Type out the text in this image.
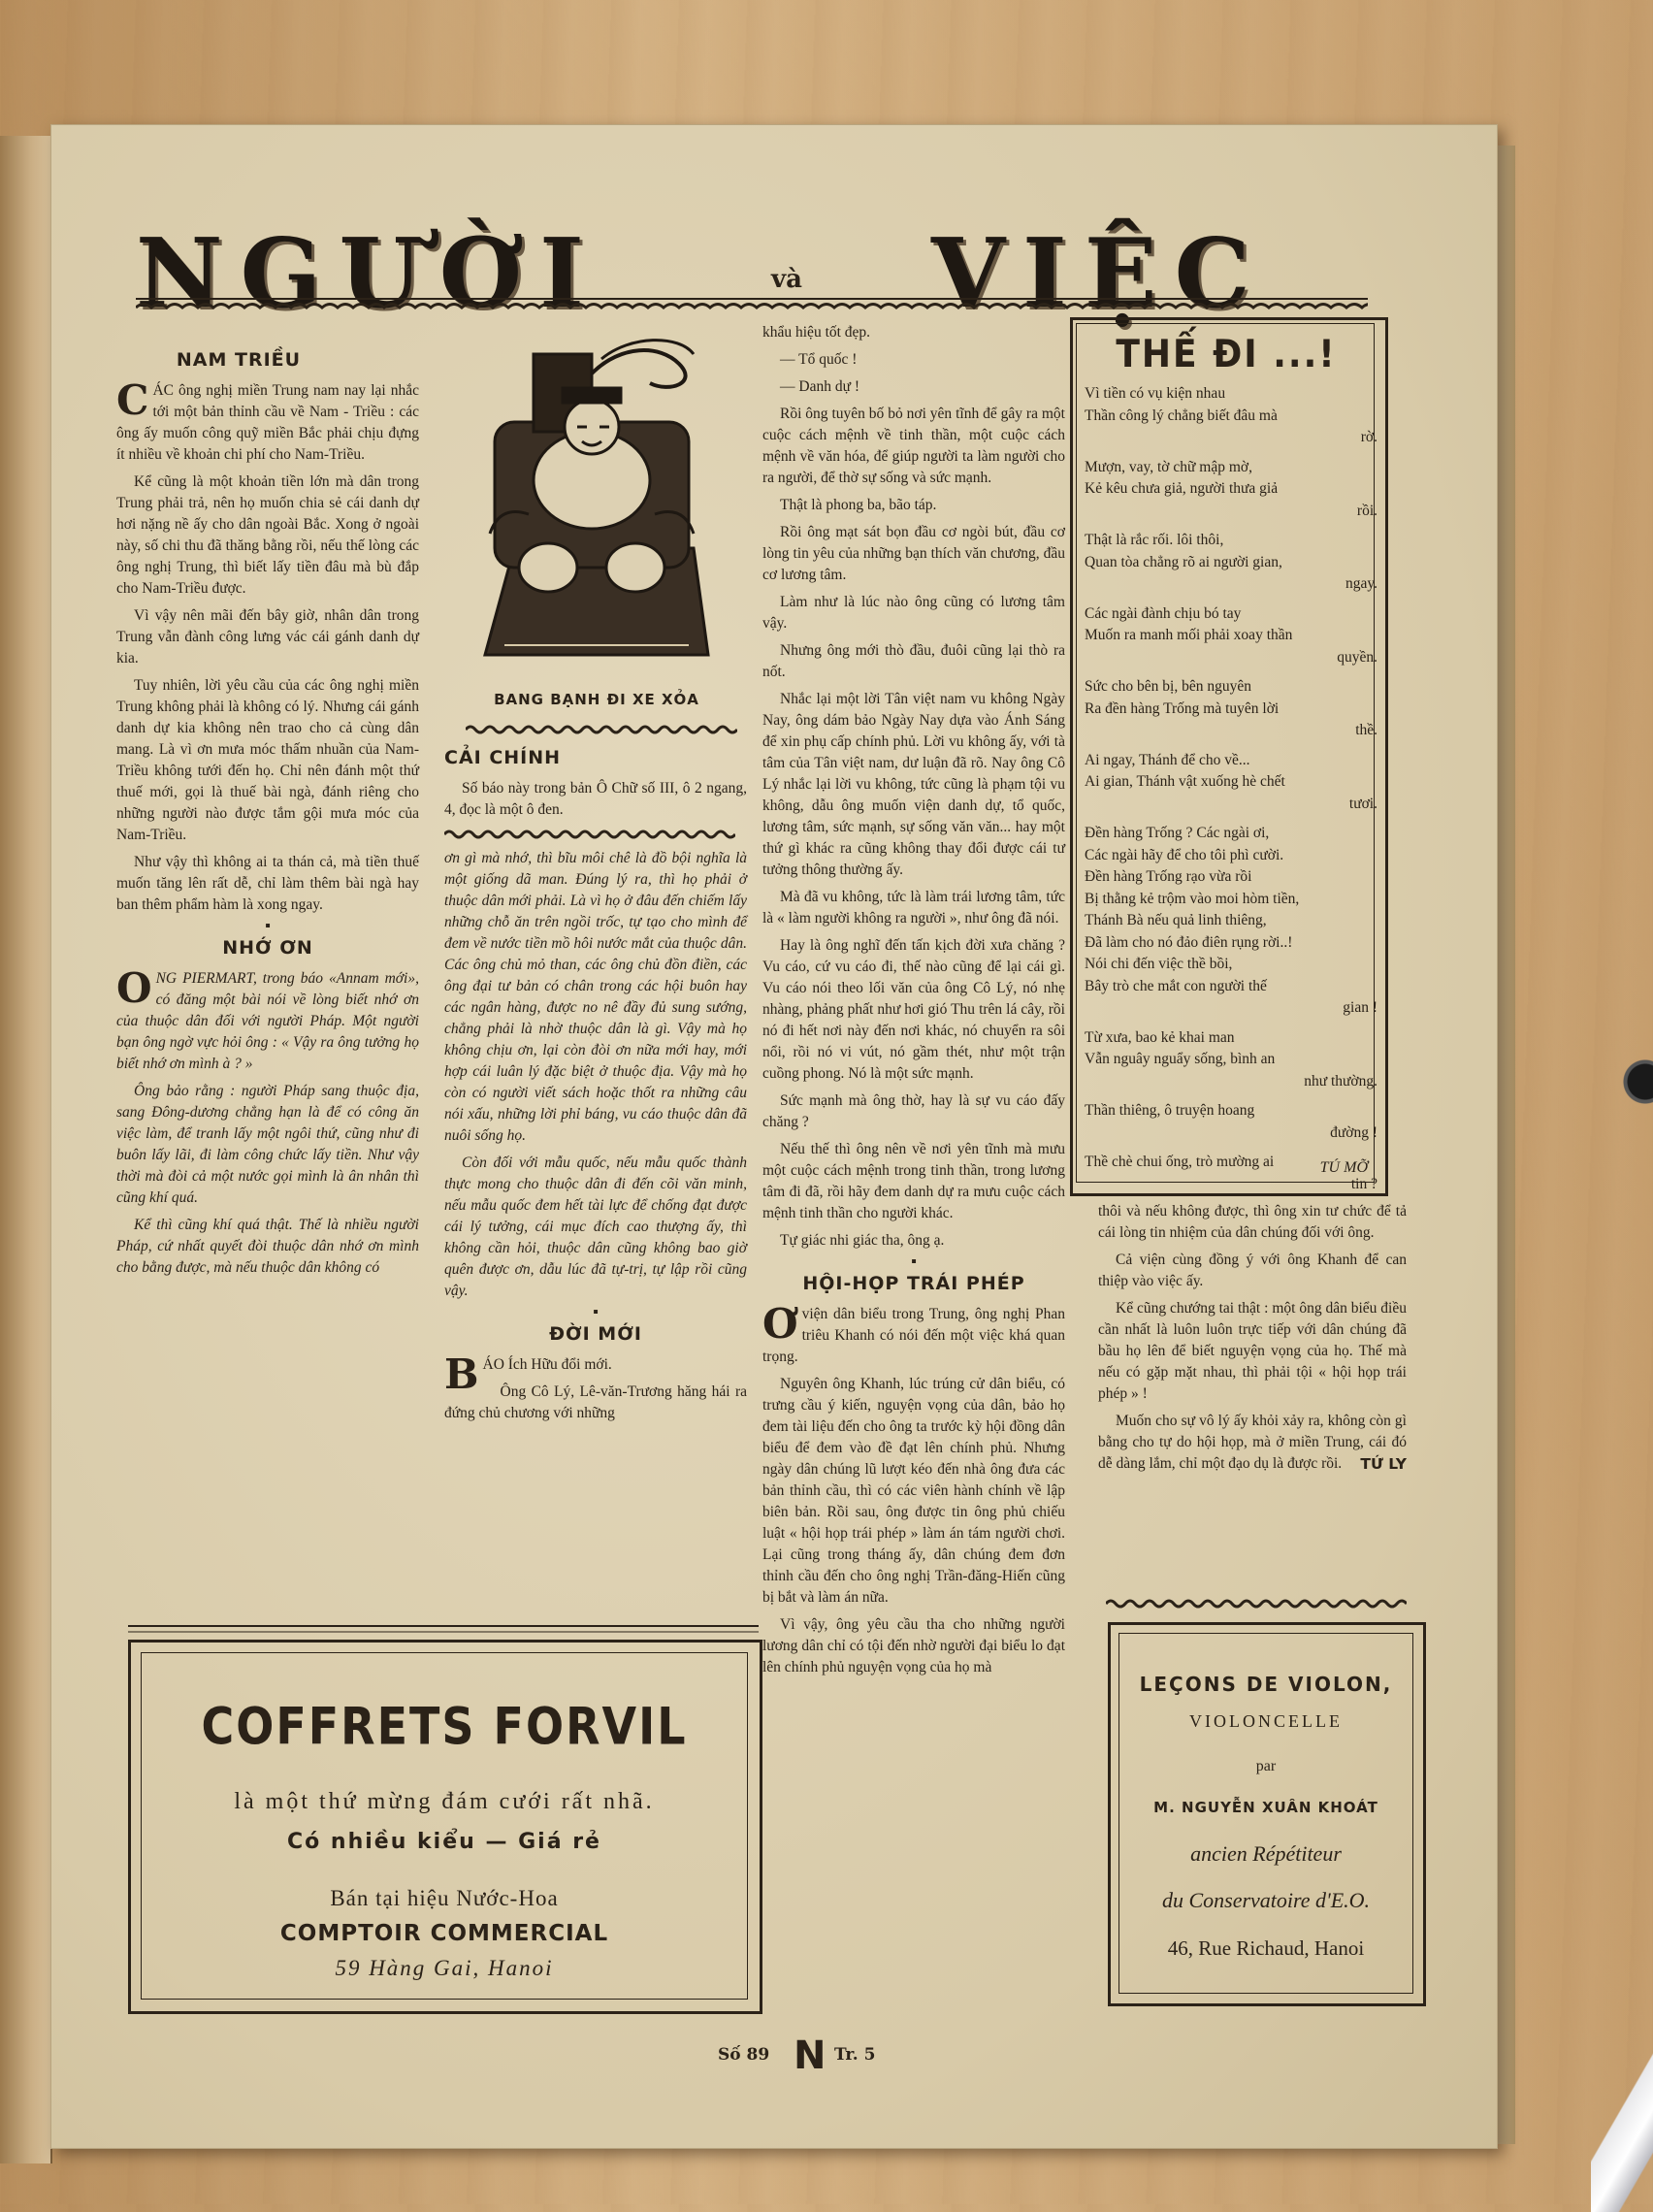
NGƯỜI	và VIỆC
NAM TRIỀU

CÁC ông nghị miền Trung nam nay lại nhắc tới một bản thỉnh cầu về Nam - Triều : các ông ấy muốn công quỹ miền Bắc phải chịu đựng ít nhiều về khoản chi phí cho Nam-Triều.

Kể cũng là một khoản tiền lớn mà dân trong Trung phải trả, nên họ muốn chia sẻ cái danh dự hơi nặng nề ấy cho dân ngoài Bắc. Xong ở ngoài này, số chi thu đã thăng bằng rồi, nếu thế lòng các ông nghị Trung, thì biết lấy tiền đâu mà bù đắp cho Nam-Triều được.

Vì vậy nên mãi đến bây giờ, nhân dân trong Trung vẫn đành công lưng vác cái gánh danh dự kia.

Tuy nhiên, lời yêu cầu của các ông nghị miền Trung không phải là không có lý. Nhưng cái gánh danh dự kia không nên trao cho cả cùng dân mang. Là vì ơn mưa móc thấm nhuần của Nam-Triều không tưới đến họ. Chỉ nên đánh một thứ thuế mới, gọi là thuế bài ngà, đánh riêng cho những người nào được tắm gội mưa móc của Nam-Triều.

Như vậy thì không ai ta thán cả, mà tiền thuế muốn tăng lên rất dễ, chỉ làm thêm bài ngà hay ban thêm phẩm hàm là xong ngay.

▪
NHỚ ƠN

ONG PIERMART, trong báo «Annam mới», có đăng một bài nói về lòng biết nhớ ơn của thuộc dân đối với người Pháp. Một người bạn ông ngờ vực hỏi ông : « Vậy ra ông tưởng họ biết nhớ ơn mình à ? »

Ông bảo rằng : người Pháp sang thuộc địa, sang Đông-dương chẳng hạn là để có công ăn việc làm, để tranh lấy một ngôi thứ, cũng như đi buôn lấy lãi, đi làm công chức lấy tiền. Như vậy thời mà đòi cả một nước gọi mình là ân nhân thì cũng khí quá.

Kể thì cũng khí quá thật. Thế là nhiều người Pháp, cứ nhất quyết đòi thuộc dân nhớ ơn mình cho bằng được, mà nếu thuộc dân không có

BANG BẠNH ĐI XE XỎA
CẢI CHÍNH

Số báo này trong bản Ô Chữ số III, ô 2 ngang, 4, đọc là một ô đen.

ơn gì mà nhớ, thì bĩu môi chê là đồ bội nghĩa là một giống dã man. Đúng lý ra, thì họ phải ở thuộc dân mới phải. Là vì họ ở đâu đến chiếm lấy những chỗ ăn trên ngồi trốc, tự tạo cho mình để đem về nước tiền mồ hôi nước mắt của thuộc dân. Các ông chủ mỏ than, các ông chủ đồn điền, các ông đại tư bản có chân trong các hội buôn hay các ngân hàng, được no nê đầy đủ sung sướng, chẳng phải là nhờ thuộc dân là gì. Vậy mà họ không chịu ơn, lại còn đòi ơn nữa mới hay, mới hợp cái luân lý đặc biệt ở thuộc địa. Vậy mà họ còn có người viết sách hoặc thốt ra những câu nói xấu, những lời phỉ báng, vu cáo thuộc dân đã nuôi sống họ.

Còn đối với mẫu quốc, nếu mẫu quốc thành thực mong cho thuộc dân đi đến cõi văn minh, nếu mẫu quốc đem hết tài lực để chống đạt được cái lý tưởng, cái mục đích cao thượng ấy, thì không cần hỏi, thuộc dân cũng không bao giờ quên được ơn, dẫu lúc đã tự-trị, tự lập rồi cũng vậy.

▪
ĐỜI MỚI

BÁO Ích Hữu đổi mới.

Ông Cô Lý, Lê-văn-Trương hăng hái ra đứng chủ chương với những

khẩu hiệu tốt đẹp.

— Tổ quốc !

— Danh dự !

Rồi ông tuyên bố bỏ nơi yên tĩnh để gây ra một cuộc cách mệnh về tinh thần, một cuộc cách mệnh về văn hóa, để giúp người ta làm người cho ra người, để thờ sự sống và sức mạnh.

Thật là phong ba, bão táp.

Rồi ông mạt sát bọn đầu cơ ngòi bút, đầu cơ lòng tin yêu của những bạn thích văn chương, đầu cơ lương tâm.

Làm như là lúc nào ông cũng có lương tâm vậy.

Nhưng ông mới thò đầu, đuôi cũng lại thò ra nốt.

Nhắc lại một lời Tân việt nam vu không Ngày Nay, ông dám bảo Ngày Nay dựa vào Ánh Sáng để xin phụ cấp chính phủ. Lời vu không ấy, với tà tâm của Tân việt nam, dư luận đã rõ. Nay ông Cô Lý nhắc lại lời vu không, tức cũng là phạm tội vu không, dẫu ông muốn viện danh dự, tổ quốc, lương tâm, sức mạnh, sự sống văn văn... hay một thứ gì khác ra cũng không thay đổi được cái tư tưởng thông thường ấy.

Mà đã vu không, tức là làm trái lương tâm, tức là « làm người không ra người », như ông đã nói.

Hay là ông nghĩ đến tấn kịch đời xưa chăng ? Vu cáo, cứ vu cáo đi, thế nào cũng để lại cái gì. Vu cáo nói theo lối văn của ông Cô Lý, nó nhẹ nhàng, phảng phất như hơi gió Thu trên lá cây, rồi nó đi hết nơi này đến nơi khác, nó chuyển ra sôi nổi, rồi nó vi vút, nó gầm thét, như một trận cuồng phong. Nó là một sức mạnh.

Sức mạnh mà ông thờ, hay là sự vu cáo đấy chăng ?

Nếu thế thì ông nên về nơi yên tĩnh mà mưu một cuộc cách mệnh trong tinh thần, trong lương tâm đi đã, rồi hãy đem danh dự ra mưu cuộc cách mệnh tinh thần cho người khác.

Tự giác nhi giác tha, ông ạ.

▪
HỘI-HỌP TRÁI PHÉP

Ơviện dân biểu trong Trung, ông nghị Phan triêu Khanh có nói đến một việc khá quan trọng.

Nguyên ông Khanh, lúc trúng cử dân biểu, có trưng cầu ý kiến, nguyện vọng của dân, bảo họ đem tài liệu đến cho ông ta trước kỳ hội đồng dân biểu để đem vào đề đạt lên chính phủ. Nhưng ngày dân chúng lũ lượt kéo đến nhà ông đưa các bản thỉnh cầu, thì có các viên hành chính về lập biên bản. Rồi sau, ông được tin ông phủ chiếu luật « hội họp trái phép » làm án tám người chơi. Lại cũng trong tháng ấy, dân chúng đem đơn thỉnh cầu đến cho ông nghị Trần-đăng-Hiến cũng bị bắt và làm án nữa.

Vì vậy, ông yêu cầu tha cho những người lương dân chỉ có tội đến nhờ người đại biểu lo đạt lên chính phủ nguyện vọng của họ mà

THẾ ĐI ...!
Vì tiền có vụ kiện nhau
Thần công lý chẳng biết đâu mà
rờ.
Mượn, vay, tờ chữ mập mờ,
Kẻ kêu chưa giả, người thưa giả
rồi.
Thật là rắc rối. lôi thôi,
Quan tòa chẳng rõ ai người gian,
ngay.
Các ngài đành chịu bó tay
Muốn ra manh mối phải xoay thần
quyền.
Sức cho bên bị, bên nguyên
Ra đền hàng Trống mà tuyên lời
thề.
Ai ngay, Thánh để cho về...
Ai gian, Thánh vật xuống hè chết
tươi.
Đền hàng Trống ? Các ngài ơi,
Các ngài hãy để cho tôi phì cười.
Đền hàng Trống rạo vừa rồi
Bị thằng kẻ trộm vào moi hòm tiền,
Thánh Bà nếu quả linh thiêng,
Đã làm cho nó đảo điên rụng rời..!
Nói chi đến việc thề bồi,
Bây trò che mắt con người thế
gian !
Từ xưa, bao kẻ khai man
Vẫn nguây nguẩy sống, bình an
như thường.
Thần thiêng, ô truyện hoang
đường !
Thề chè chui ống, trò mường ai
tin ?
TÚ MỠ

thôi và nếu không được, thì ông xin tư chức để tả cái lòng tin nhiệm của dân chúng đối với ông.

Cả viện cùng đồng ý với ông Khanh để can thiệp vào việc ấy.

Kể cũng chướng tai thật : một ông dân biểu điều cần nhất là luôn luôn trực tiếp với dân chúng đã bầu họ lên để biết nguyện vọng của họ. Thế mà nếu có gặp mặt nhau, thì phải tội « hội họp trái phép » !

Muốn cho sự vô lý ấy khỏi xảy ra, không còn gì bằng cho tự do hội họp, mà ở miền Trung, cái đó dễ dàng lắm, chỉ một đạo dụ là được rồi.	TỨ LY
COFFRETS FORVIL
là một thứ mừng đám cưới rất nhã.
Có nhiều kiểu — Giá rẻ
Bán tại hiệu Nước-Hoa
COMPTOIR COMMERCIAL
59 Hàng Gai, Hanoi
LEÇONS DE VIOLON,
VIOLONCELLE
par
M. NGUYỄN XUÂN KHOÁT
ancien Répétiteur
du Conservatoire d'E.O.
46, Rue Richaud, Hanoi
Số 89 N Tr. 5
